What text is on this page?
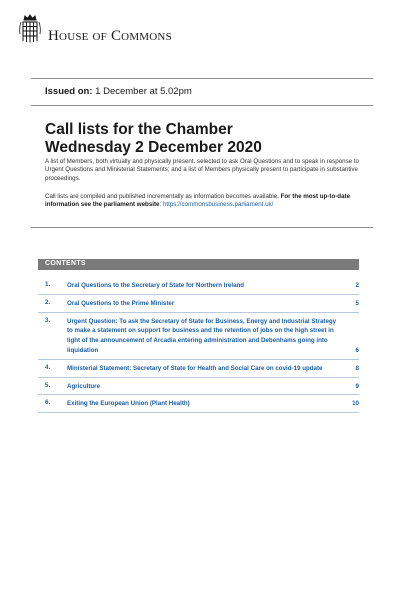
HOUSE OF COMMONS
Issued on: 1 December at 5.02pm
Call lists for the Chamber
Wednesday 2 December 2020

A list of Members, both virtually and physically present, selected to ask Oral Questions and to speak in response to Urgent Questions and Ministerial Statements; and a list of Members physically present to participate in substantive proceedings.

Call lists are compiled and published incrementally as information becomes available. For the most up-to-date information see the parliament website: https://commonsbusiness.parliament.uk/

CONTENTS
1.	Oral Questions to the Secretary of State for Northern Ireland	2
2.	Oral Questions to the Prime Minister	5
3.	Urgent Question: To ask the Secretary of State for Business, Energy and Industrial Strategy to make a statement on support for business and the retention of jobs on the high street in light of the announcement of Arcadia entering administration and Debenhams going into liquidation	6
4.	Ministerial Statement: Secretary of State for Health and Social Care on covid-19 update	8
5.	Agriculture	9
6.	Exiting the European Union (Plant Health)	10
